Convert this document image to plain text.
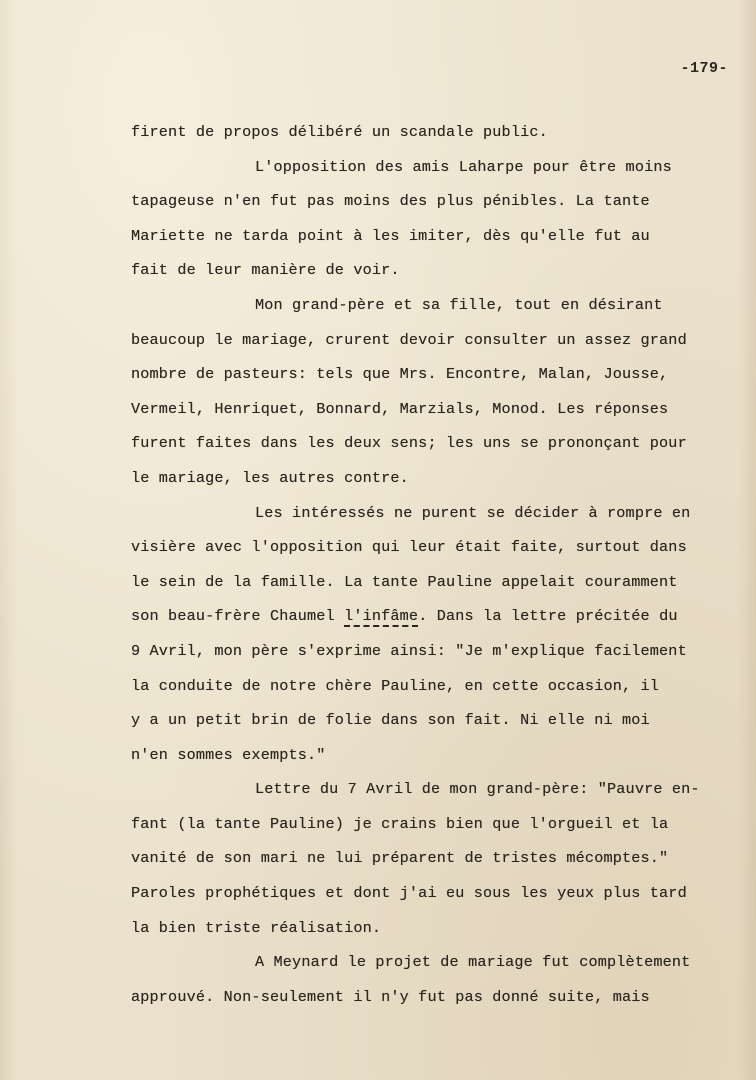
-179-
firent de propos délibéré un scandale public.
L'opposition des amis Laharpe pour être moins
tapageuse n'en fut pas moins des plus pénibles. La tante
Mariette ne tarda point à les imiter, dès qu'elle fut au
fait de leur manière de voir.
Mon grand-père et sa fille, tout en désirant
beaucoup le mariage, crurent devoir consulter un assez grand
nombre de pasteurs: tels que Mrs. Encontre, Malan, Jousse,
Vermeil, Henriquet, Bonnard, Marzials, Monod. Les réponses
furent faites dans les deux sens; les uns se prononçant pour
le mariage, les autres contre.
Les intéressés ne purent se décider à rompre en
visière avec l'opposition qui leur était faite, surtout dans
le sein de la famille. La tante Pauline appelait couramment
son beau-frère Chaumel l'infâme. Dans la lettre précitée du
9 Avril, mon père s'exprime ainsi: "Je m'explique facilement
la conduite de notre chère Pauline, en cette occasion, il
y a un petit brin de folie dans son fait. Ni elle ni moi
n'en sommes exempts."
Lettre du 7 Avril de mon grand-père: "Pauvre en-
fant (la tante Pauline) je crains bien que l'orgueil et la
vanité de son mari ne lui préparent de tristes mécomptes."
Paroles prophétiques et dont j'ai eu sous les yeux plus tard
la bien triste réalisation.
A Meynard le projet de mariage fut complètement
approuvé. Non-seulement il n'y fut pas donné suite, mais
